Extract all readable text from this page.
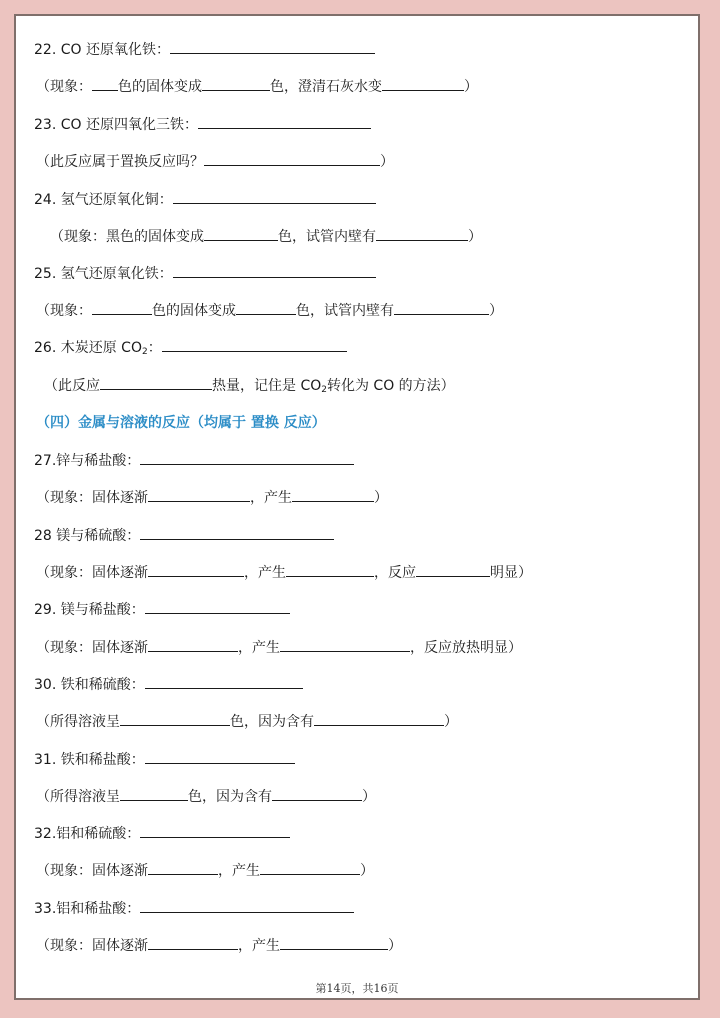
22. CO 还原氧化铁：
（现象： 色的固体变成	色，澄清石灰水变	）
23. CO 还原四氧化三铁：
（此反应属于置换反应吗？	）
24. 氢气还原氧化铜：
（现象：黑色的固体变成	色，试管内壁有	）
25. 氢气还原氧化铁：
（现象：	色的固体变成	色，试管内壁有	）
26. 木炭还原 $CO_2$：
（此反应	热量，记住是 $CO_2$转化为 CO 的方法）
（四）金属与溶液的反应（均属于 置换 反应）
27.锌与稀盐酸：
（现象：固体逐渐	，产生	）
28 镁与稀硫酸：
（现象：固体逐渐	，产生	，反应	明显）
29. 镁与稀盐酸：
（现象：固体逐渐	，产生	，反应放热明显）
30. 铁和稀硫酸：
（所得溶液呈	色，因为含有	）
31. 铁和稀盐酸：
（所得溶液呈	色，因为含有	）
32.铝和稀硫酸：
（现象：固体逐渐	，产生	）
33.铝和稀盐酸：
（现象：固体逐渐	，产生	）
第14页，共16页
